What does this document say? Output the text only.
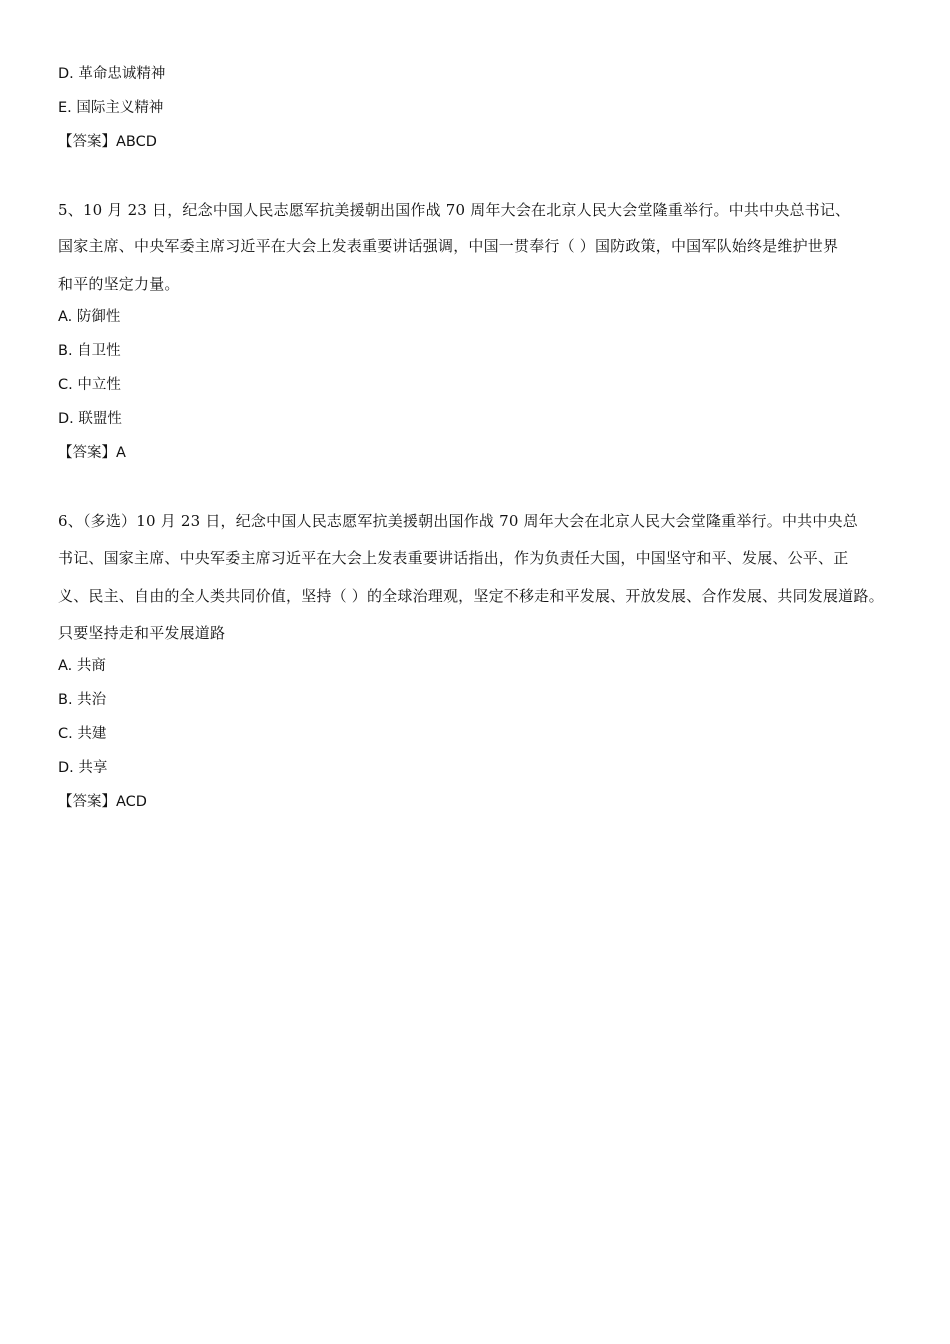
D. 革命忠诚精神
E. 国际主义精神
【答案】ABCD
5、10 月 23 日，纪念中国人民志愿军抗美援朝出国作战 70 周年大会在北京人民大会堂隆重举行。中共中央总书记、
国家主席、中央军委主席习近平在大会上发表重要讲话强调，中国一贯奉行（ ）国防政策，中国军队始终是维护世界
和平的坚定力量。
A. 防御性
B. 自卫性
C. 中立性
D. 联盟性
【答案】A
6、（多选）10 月 23 日，纪念中国人民志愿军抗美援朝出国作战 70 周年大会在北京人民大会堂隆重举行。中共中央总
书记、国家主席、中央军委主席习近平在大会上发表重要讲话指出，作为负责任大国，中国坚守和平、发展、公平、正
义、民主、自由的全人类共同价值，坚持（ ）的全球治理观，坚定不移走和平发展、开放发展、合作发展、共同发展道路。
只要坚持走和平发展道路
A. 共商
B. 共治
C. 共建
D. 共享
【答案】ACD
